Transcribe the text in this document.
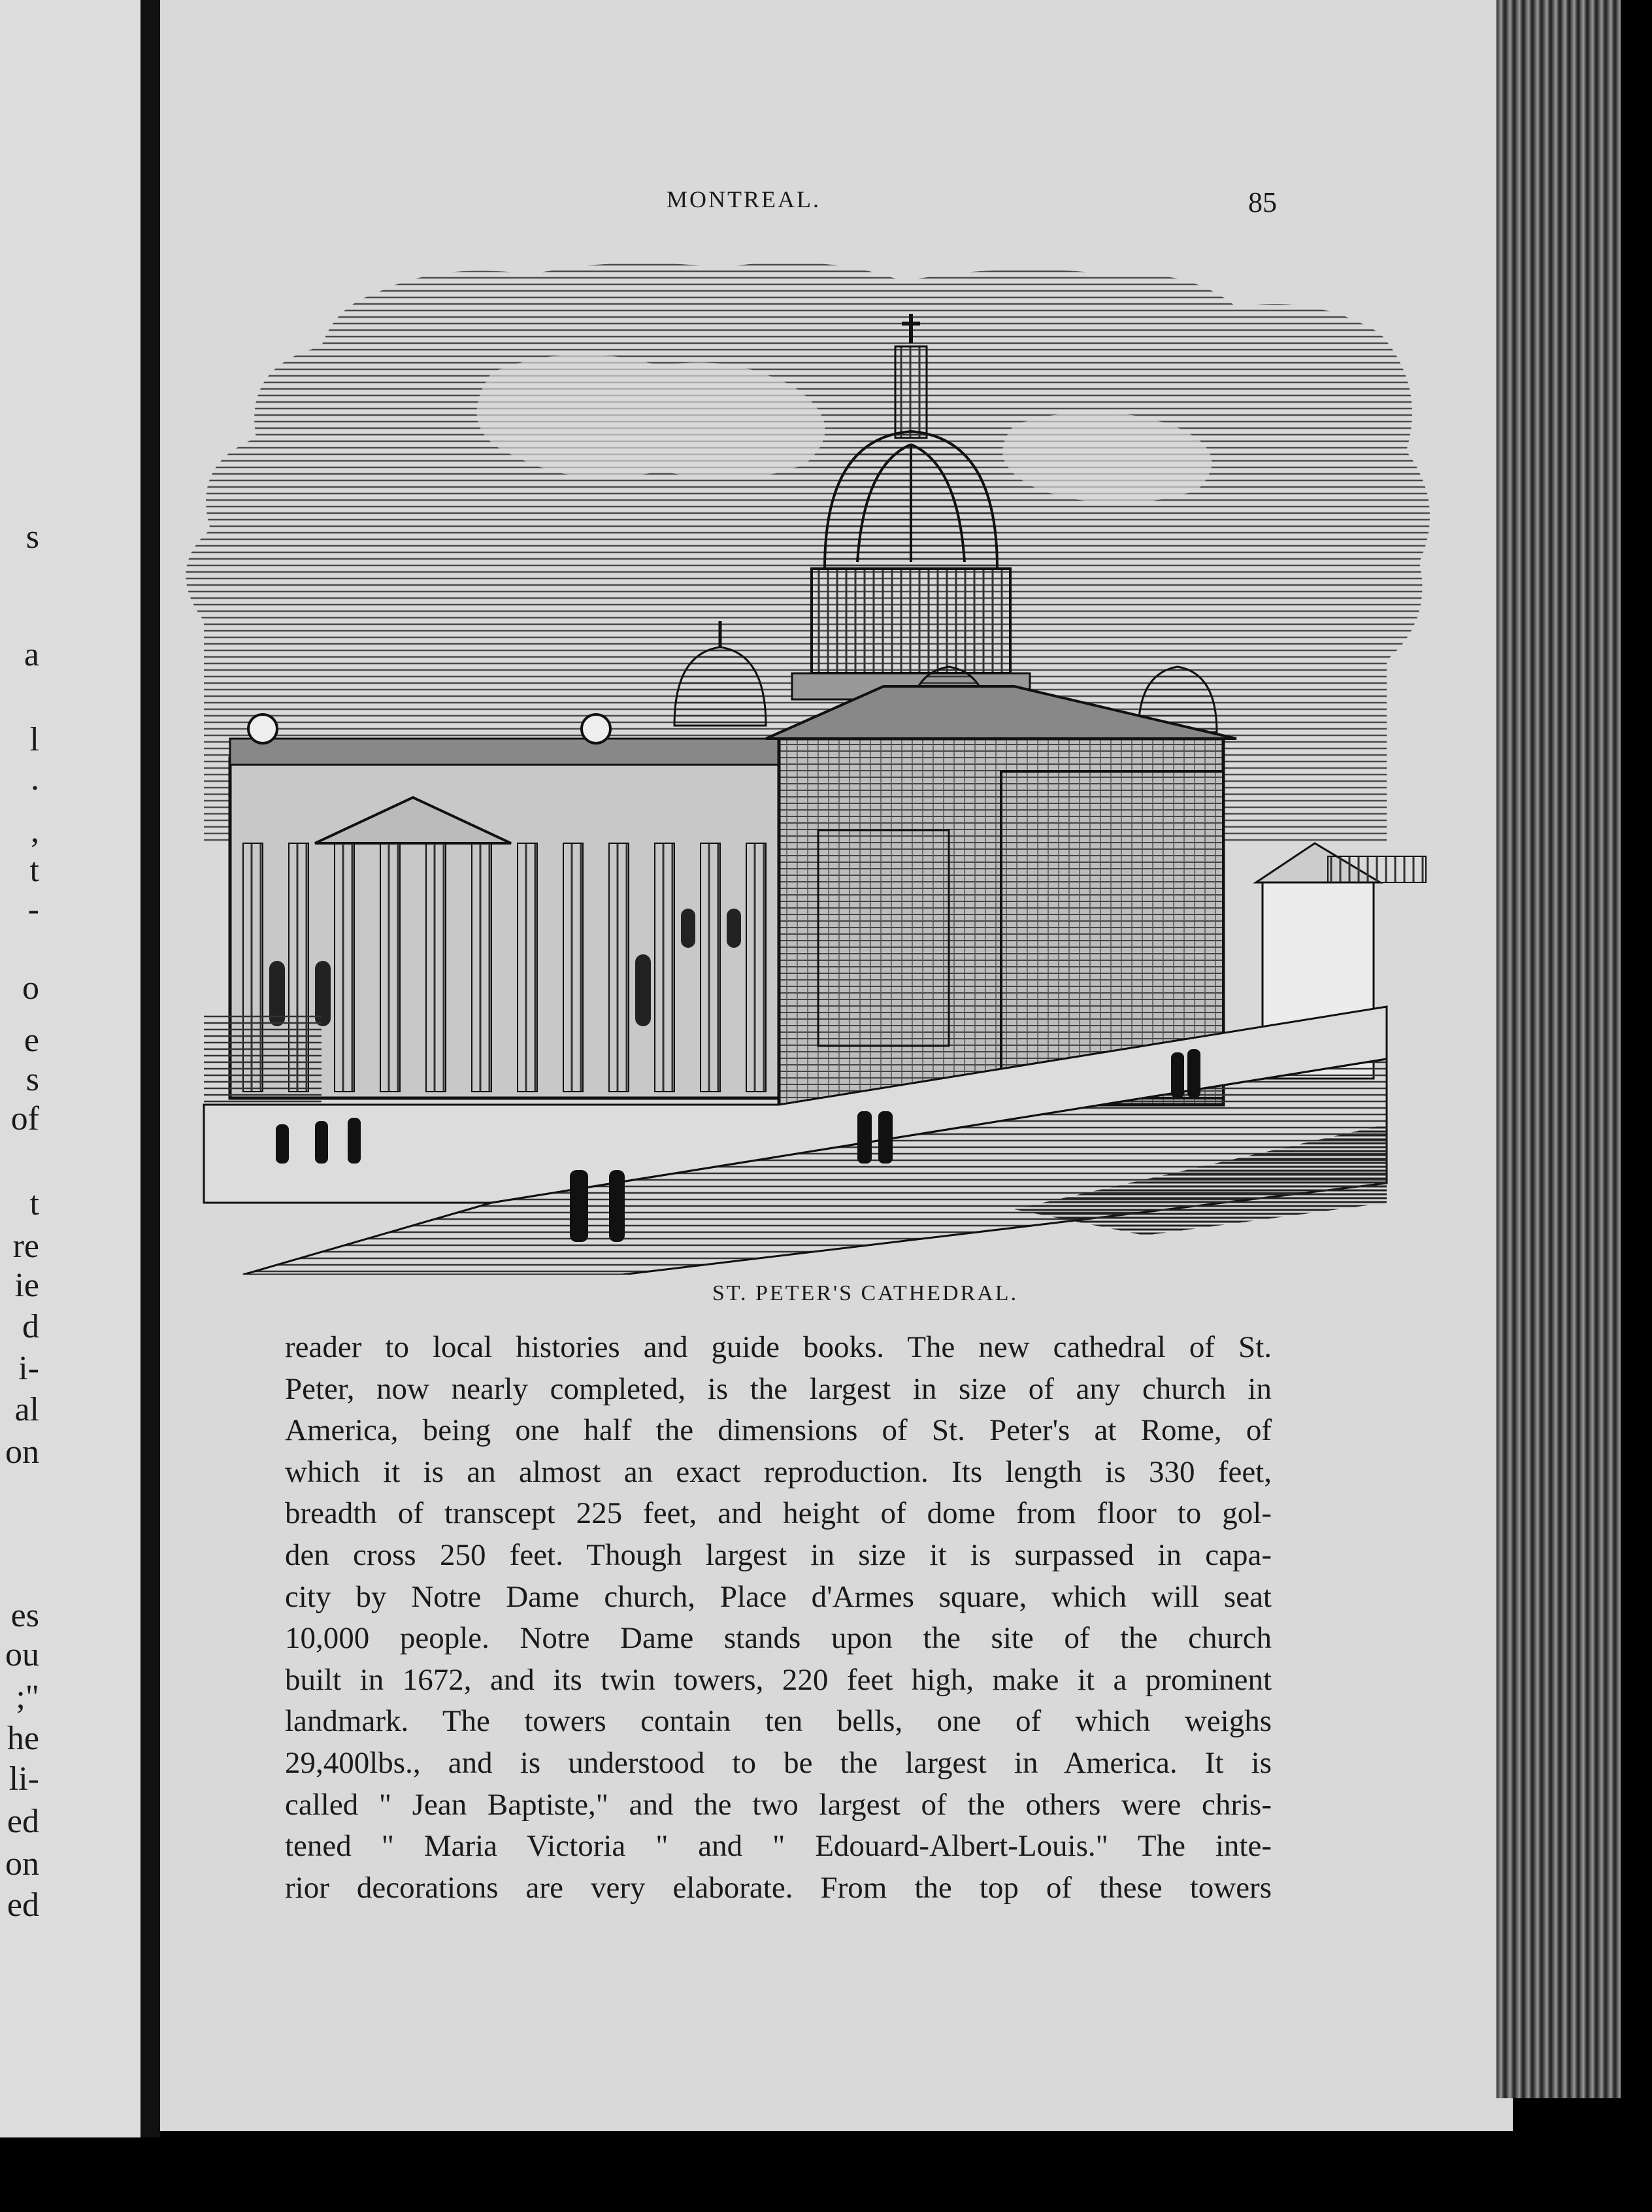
s
a
l
.
,
t
-
o
e
s
of
t
re
ie
d
i-
al
on
es
ou
;"
he
li-
ed
on
ed
MONTREAL.	85
ST. PETER'S CATHEDRAL.
reader to local histories and guide books. The new cathedral of St.
Peter, now nearly completed, is the largest in size of any church in
America, being one half the dimensions of St. Peter's at Rome, of
which it is an almost an exact reproduction. Its length is 330 feet,
breadth of transcept 225 feet, and height of dome from floor to gol-
den cross 250 feet. Though largest in size it is surpassed in capa-
city by Notre Dame church, Place d'Armes square, which will seat
10,000 people. Notre Dame stands upon the site of the church
built in 1672, and its twin towers, 220 feet high, make it a prominent
landmark. The towers contain ten bells, one of which weighs
29,400lbs., and is understood to be the largest in America. It is
called " Jean Baptiste," and the two largest of the others were chris-
tened " Maria Victoria " and " Edouard-Albert-Louis." The inte-
rior decorations are very elaborate. From the top of these towers
